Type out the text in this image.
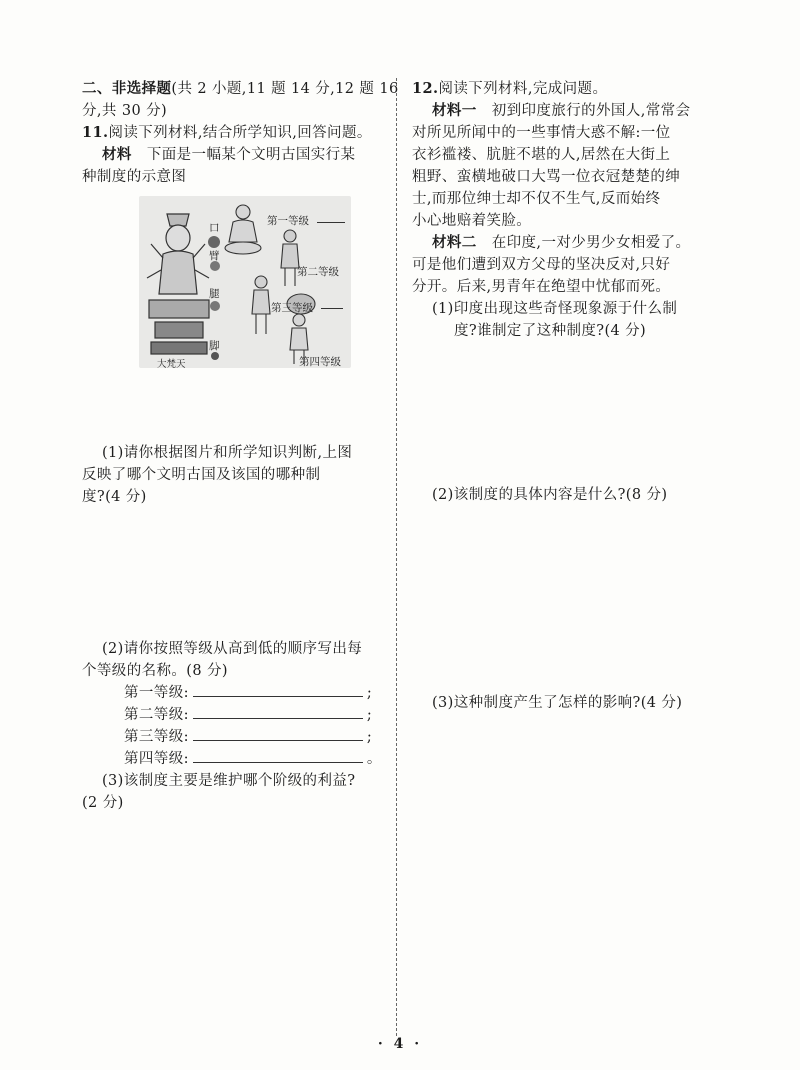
二、非选择题(共 2 小题,11 题 14 分,12 题 16
分,共 30 分)
11.阅读下列材料,结合所学知识,回答问题。
材料 下面是一幅某个文明古国实行某
种制度的示意图
口
臂
腿
脚
第一等级
第二等级
第三等级
第四等级
大梵天
(1)请你根据图片和所学知识判断,上图
反映了哪个文明古国及该国的哪种制
度?(4 分)
(2)请你按照等级从高到低的顺序写出每
个等级的名称。(8 分)
第一等级:	;
第二等级:	;
第三等级:	;
第四等级:	。
(3)该制度主要是维护哪个阶级的利益?
(2 分)
12.阅读下列材料,完成问题。
材料一 初到印度旅行的外国人,常常会
对所见所闻中的一些事情大惑不解:一位
衣衫褴褛、肮脏不堪的人,居然在大街上
粗野、蛮横地破口大骂一位衣冠楚楚的绅
士,而那位绅士却不仅不生气,反而始终
小心地赔着笑脸。
材料二 在印度,一对少男少女相爱了。
可是他们遭到双方父母的坚决反对,只好
分开。后来,男青年在绝望中忧郁而死。
(1)印度出现这些奇怪现象源于什么制
度?谁制定了这种制度?(4 分)
(2)该制度的具体内容是什么?(8 分)
(3)这种制度产生了怎样的影响?(4 分)
· 4 ·
